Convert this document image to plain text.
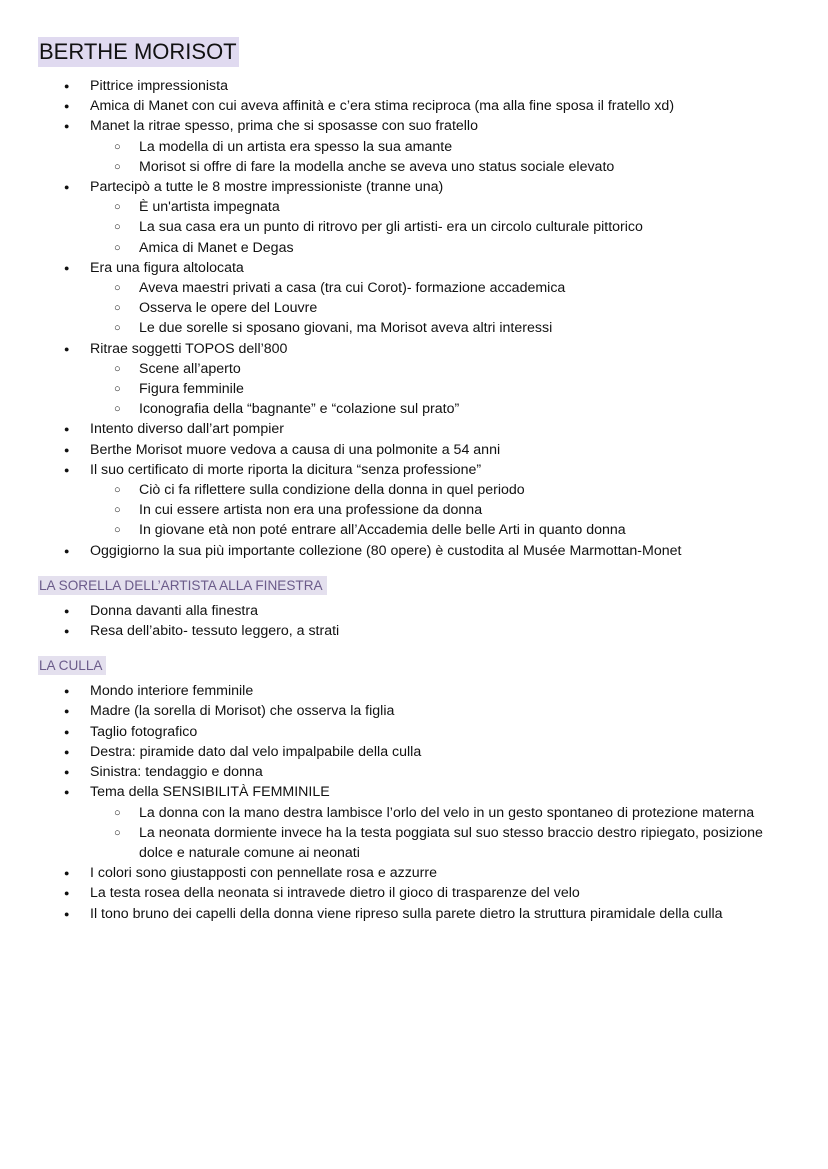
BERTHE MORISOT
● Pittrice impressionista
● Amica di Manet con cui aveva affinità e c’era stima reciproca (ma alla fine sposa il fratello xd)
● Manet la ritrae spesso, prima che si sposasse con suo fratello
○ La modella di un artista era spesso la sua amante
○ Morisot si offre di fare la modella anche se aveva uno status sociale elevato
● Partecipò a tutte le 8 mostre impressioniste (tranne una)
○ È un'artista impegnata
○ La sua casa era un punto di ritrovo per gli artisti- era un circolo culturale pittorico
○ Amica di Manet e Degas
● Era una figura altolocata
○ Aveva maestri privati a casa (tra cui Corot)- formazione accademica
○ Osserva le opere del Louvre
○ Le due sorelle si sposano giovani, ma Morisot aveva altri interessi
● Ritrae soggetti TOPOS dell’800
○ Scene all’aperto
○ Figura femminile
○ Iconografia della “bagnante” e “colazione sul prato”
● Intento diverso dall’art pompier
● Berthe Morisot muore vedova a causa di una polmonite a 54 anni
● Il suo certificato di morte riporta la dicitura “senza professione”
○ Ciò ci fa riflettere sulla condizione della donna in quel periodo
○ In cui essere artista non era una professione da donna
○ In giovane età non poté entrare all’Accademia delle belle Arti in quanto donna
● Oggigiorno la sua più importante collezione (80 opere) è custodita al Musée Marmottan-Monet
LA SORELLA DELL’ARTISTA ALLA FINESTRA
● Donna davanti alla finestra
● Resa dell’abito- tessuto leggero, a strati
LA CULLA
● Mondo interiore femminile
● Madre (la sorella di Morisot) che osserva la figlia
● Taglio fotografico
● Destra: piramide dato dal velo impalpabile della culla
● Sinistra: tendaggio e donna
● Tema della SENSIBILITÀ FEMMINILE
○ La donna con la mano destra lambisce l’orlo del velo in un gesto spontaneo di protezione materna
○ La neonata dormiente invece ha la testa poggiata sul suo stesso braccio destro ripiegato, posizione dolce e naturale comune ai neonati
● I colori sono giustapposti con pennellate rosa e azzurre
● La testa rosea della neonata si intravede dietro il gioco di trasparenze del velo
● Il tono bruno dei capelli della donna viene ripreso sulla parete dietro la struttura piramidale della culla
